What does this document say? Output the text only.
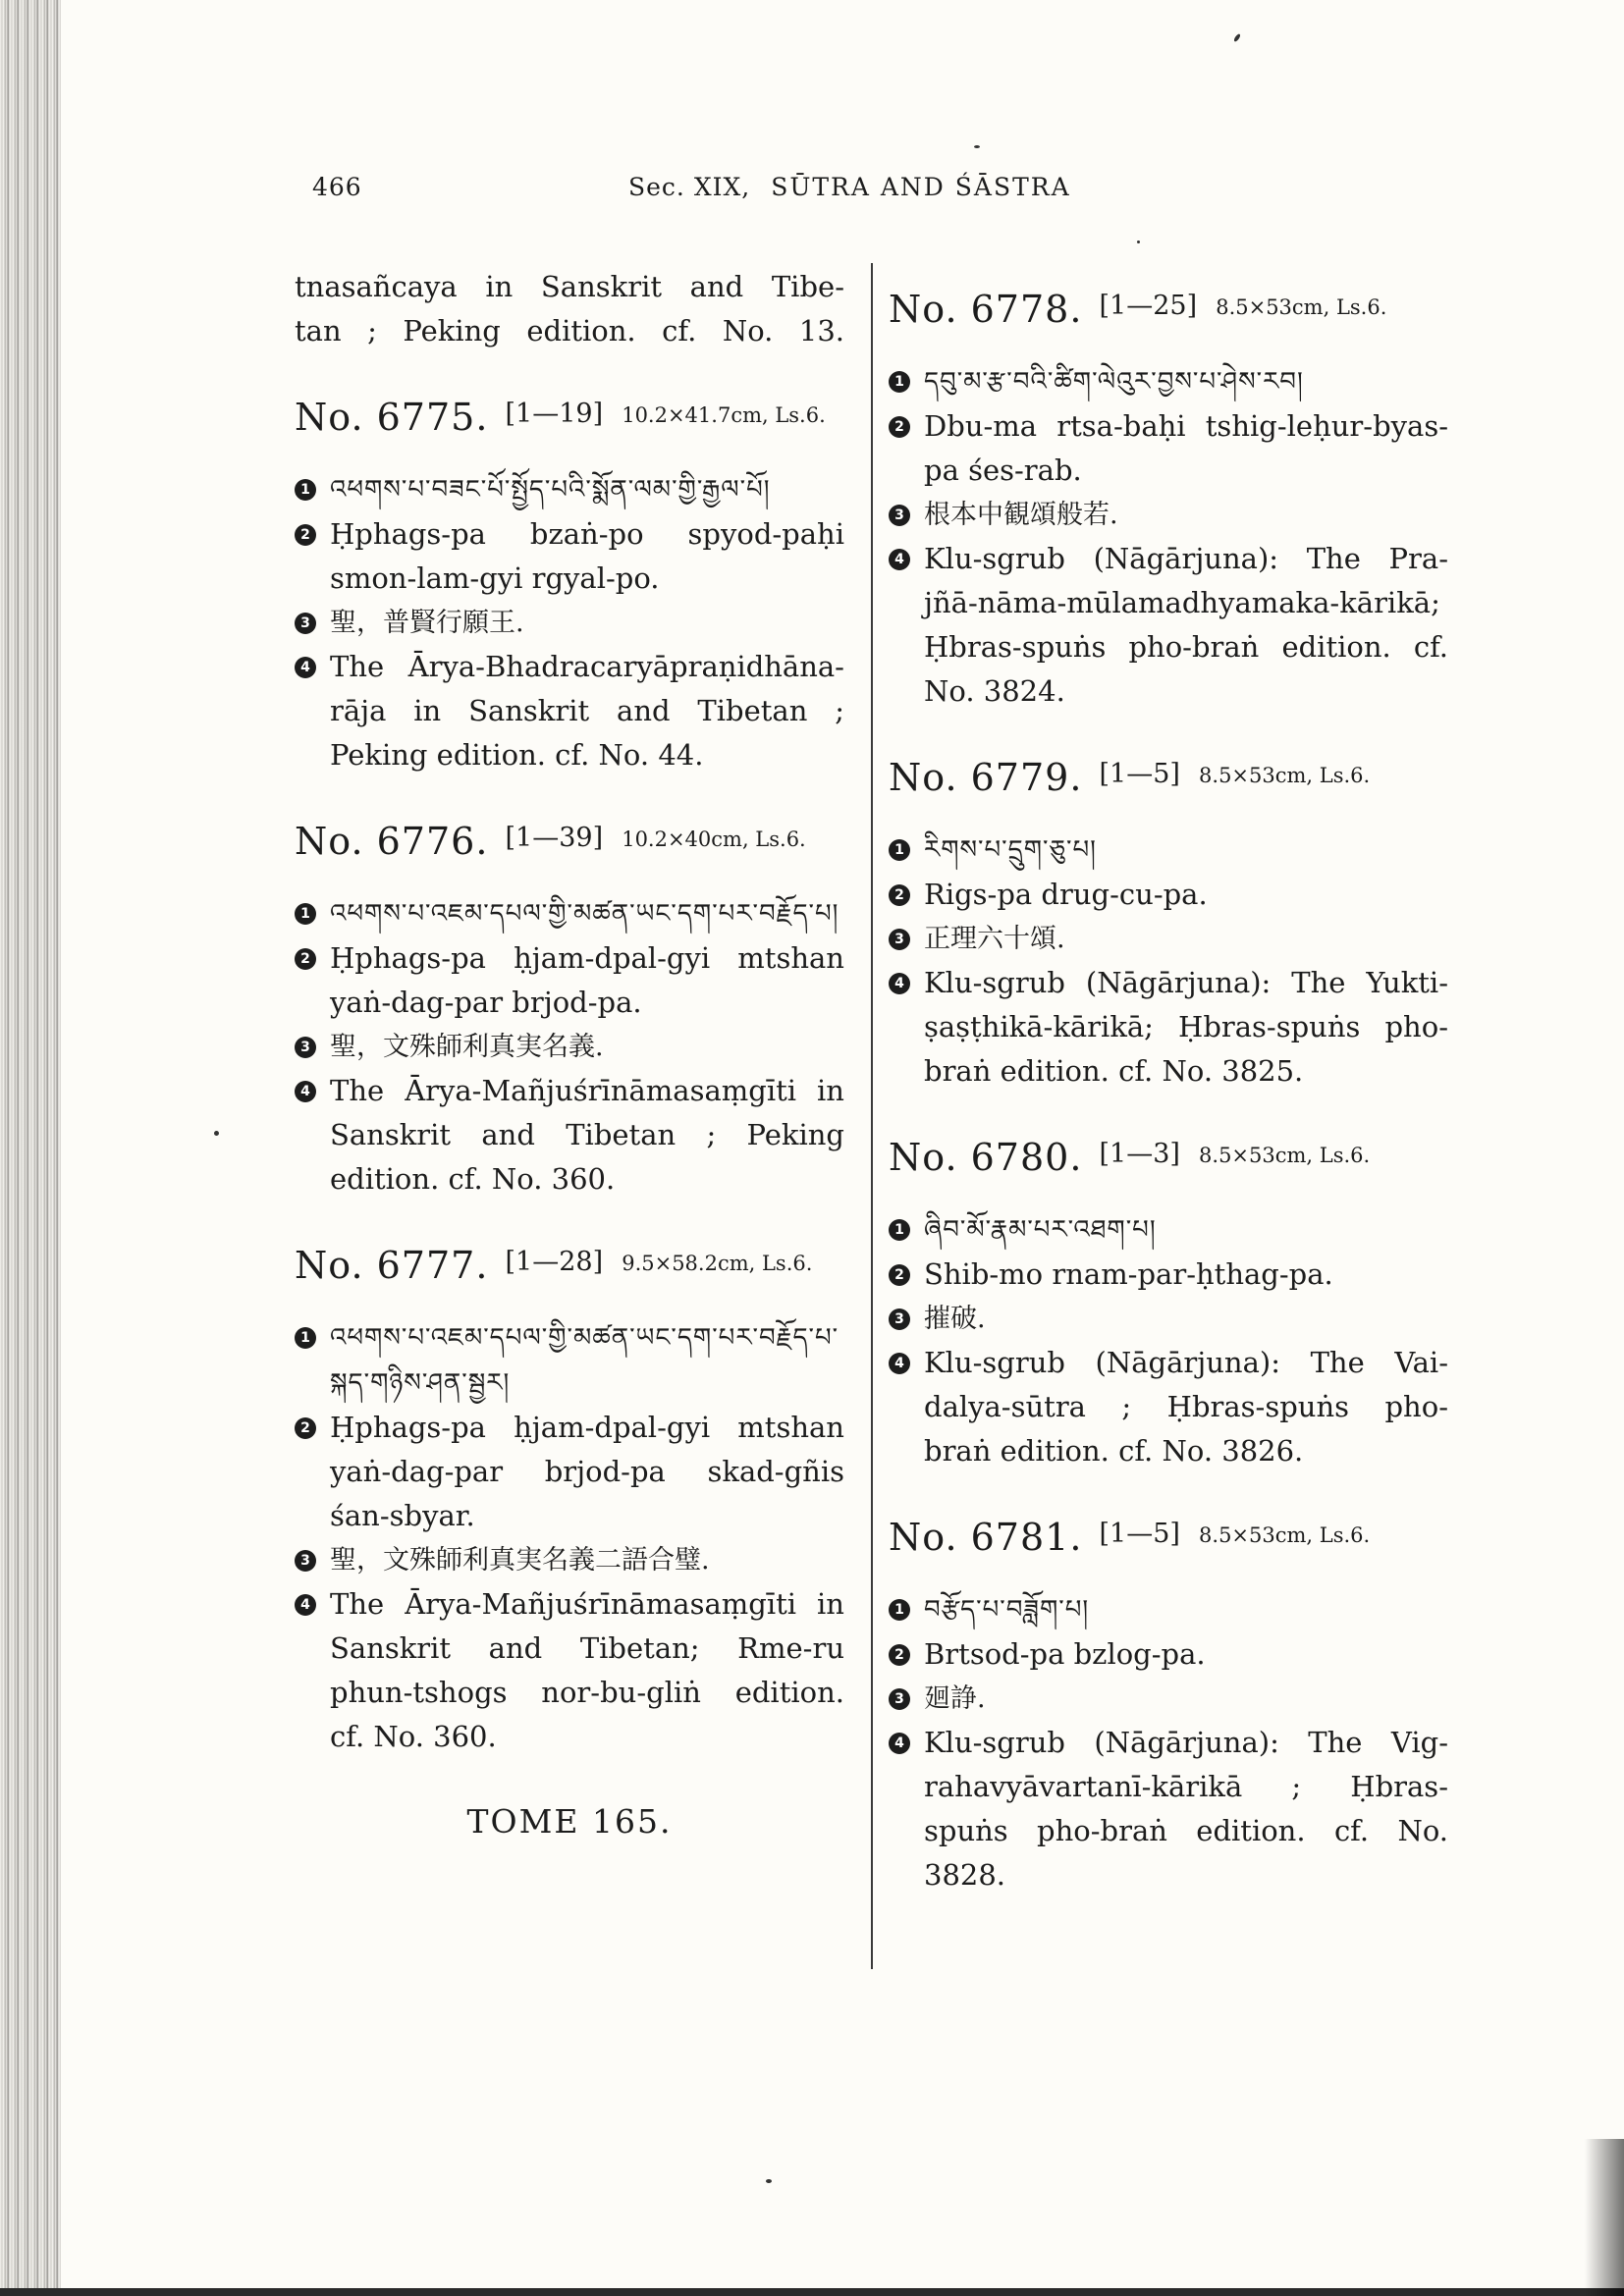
466	Sec. XIX, SŪTRA AND ŚĀSTRA
tnasañcaya in Sanskrit and Tibe-
tan ; Peking edition. cf. No. 13.
No. 6775. [1—19] 10.2×41.7cm, Ls.6.
1 འཕགས་པ་བཟང་པོ་སྤྱོད་པའི་སྨོན་ལམ་གྱི་རྒྱལ་པོ།
2 Ḥphags-pa bzaṅ-po spyod-paḥi
smon-lam-gyi rgyal-po.
3 聖，普賢行願王.
4 The Ārya-Bhadracaryāpraṇidhāna-
rāja in Sanskrit and Tibetan ;
Peking edition. cf. No. 44.
No. 6776. [1—39] 10.2×40cm, Ls.6.
1 འཕགས་པ་འཇམ་དཔལ་གྱི་མཚན་ཡང་དག་པར་བརྗོད་པ།
2 Ḥphags-pa ḥjam-dpal-gyi mtshan
yaṅ-dag-par brjod-pa.
3 聖，文殊師利真実名義.
4 The Ārya-Mañjuśrīnāmasaṃgīti in
Sanskrit and Tibetan ; Peking
edition. cf. No. 360.
No. 6777. [1—28] 9.5×58.2cm, Ls.6.
1 འཕགས་པ་འཇམ་དཔལ་གྱི་མཚན་ཡང་དག་པར་བརྗོད་པ་སྐད་གཉིས་ཤན་སྦྱར།
2 Ḥphags-pa ḥjam-dpal-gyi mtshan
yaṅ-dag-par brjod-pa skad-gñis
śan-sbyar.
3 聖，文殊師利真実名義二語合璧.
4 The Ārya-Mañjuśrīnāmasaṃgīti in
Sanskrit and Tibetan; Rme-ru
phun-tshogs nor-bu-gliṅ edition.
cf. No. 360.
TOME 165.
No. 6778. [1—25] 8.5×53cm, Ls.6.
1 དབུ་མ་རྩ་བའི་ཚིག་ལེའུར་བྱས་པ་ཤེས་རབ།
2 Dbu-ma rtsa-baḥi tshig-leḥur-byas-
pa śes-rab.
3 根本中観頌般若.
4 Klu-sgrub (Nāgārjuna): The Pra-
jñā-nāma-mūlamadhyamaka-kārikā;
Ḥbras-spuṅs pho-braṅ edition. cf.
No. 3824.
No. 6779. [1—5] 8.5×53cm, Ls.6.
1 རིགས་པ་དྲུག་ཅུ་པ།
2 Rigs-pa drug-cu-pa.
3 正理六十頌.
4 Klu-sgrub (Nāgārjuna): The Yukti-
ṣaṣṭhikā-kārikā; Ḥbras-spuṅs pho-
braṅ edition. cf. No. 3825.
No. 6780. [1—3] 8.5×53cm, Ls.6.
1 ཞིབ་མོ་རྣམ་པར་འཐག་པ།
2 Shib-mo rnam-par-ḥthag-pa.
3 摧破.
4 Klu-sgrub (Nāgārjuna): The Vai-
dalya-sūtra ; Ḥbras-spuṅs pho-
braṅ edition. cf. No. 3826.
No. 6781. [1—5] 8.5×53cm, Ls.6.
1 བརྩོད་པ་བཟློག་པ།
2 Brtsod-pa bzlog-pa.
3 廻諍.
4 Klu-sgrub (Nāgārjuna): The Vig-
rahavyāvartanī-kārikā ; Ḥbras-
spuṅs pho-braṅ edition. cf. No.
3828.
